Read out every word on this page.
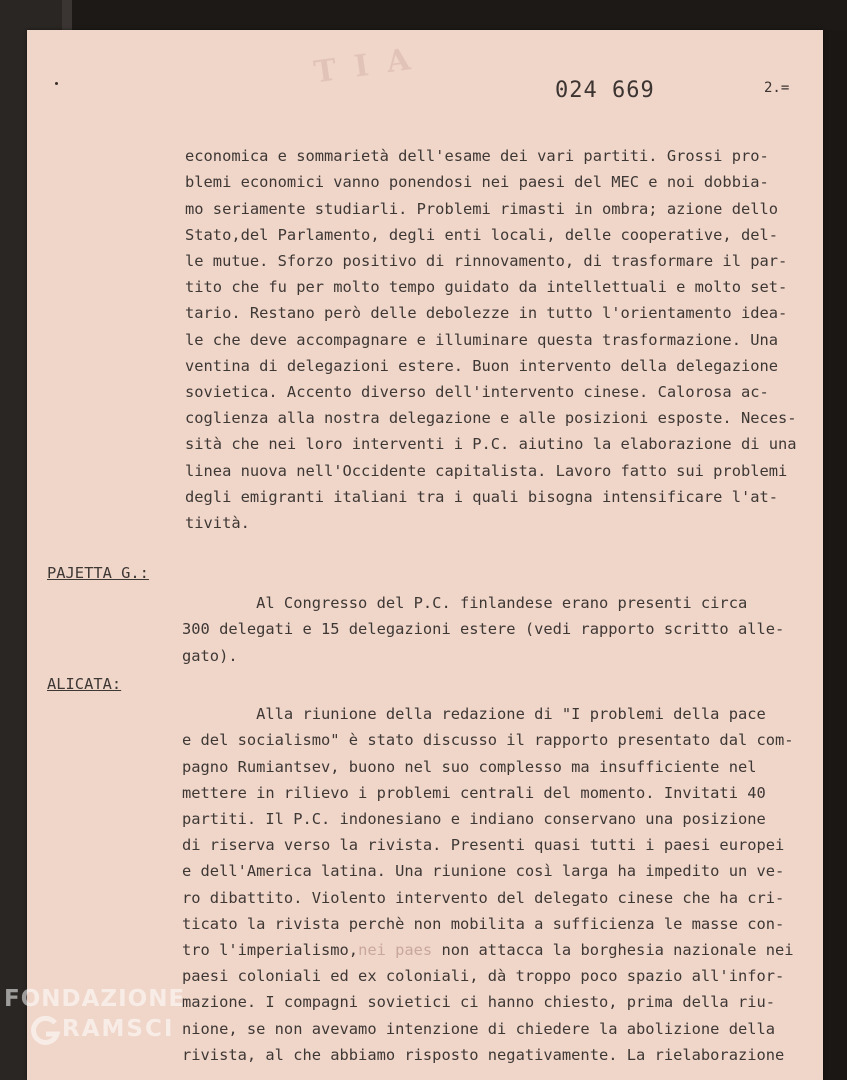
T I A
024 669	2.=

economica e sommarietà dell'esame dei vari partiti. Grossi pro-
blemi economici vanno ponendosi nei paesi del MEC e noi dobbia-
mo seriamente studiarli. Problemi rimasti in ombra; azione dello
Stato,del Parlamento, degli enti locali, delle cooperative, del-
le mutue. Sforzo positivo di rinnovamento, di trasformare il par-
tito che fu per molto tempo guidato da intellettuali e molto set-
tario. Restano però delle debolezze in tutto l'orientamento idea-
le che deve accompagnare e illuminare questa trasformazione. Una
ventina di delegazioni estere. Buon intervento della delegazione
sovietica. Accento diverso dell'intervento cinese. Calorosa ac-
coglienza alla nostra delegazione e alle posizioni esposte. Neces-
sità che nei loro interventi i P.C. aiutino la elaborazione di una
linea nuova nell'Occidente capitalista. Lavoro fatto sui problemi
degli emigranti italiani tra i quali bisogna intensificare l'at-
tività.
PAJETTA G.:

Al Congresso del P.C. finlandese erano presenti circa
300 delegati e 15 delegazioni estere (vedi rapporto scritto alle-
gato).
ALICATA:

Alla riunione della redazione di "I problemi della pace
e del socialismo" è stato discusso il rapporto presentato dal com-
pagno Rumiantsev, buono nel suo complesso ma insufficiente nel
mettere in rilievo i problemi centrali del momento. Invitati 40
partiti. Il P.C. indonesiano e indiano conservano una posizione
di riserva verso la rivista. Presenti quasi tutti i paesi europei
e dell'America latina. Una riunione così larga ha impedito un ve-
ro dibattito. Violento intervento del delegato cinese che ha cri-
ticato la rivista perchè non mobilita a sufficienza le masse con-
tro l'imperialismo,nei paes non attacca la borghesia nazionale nei
paesi coloniali ed ex coloniali, dà troppo poco spazio all'infor-
mazione. I compagni sovietici ci hanno chiesto, prima della riu-
nione, se non avevamo intenzione di chiedere la abolizione della
rivista, al che abbiamo risposto negativamente. La rielaborazione
FONDAZIONE
RAMSCI
